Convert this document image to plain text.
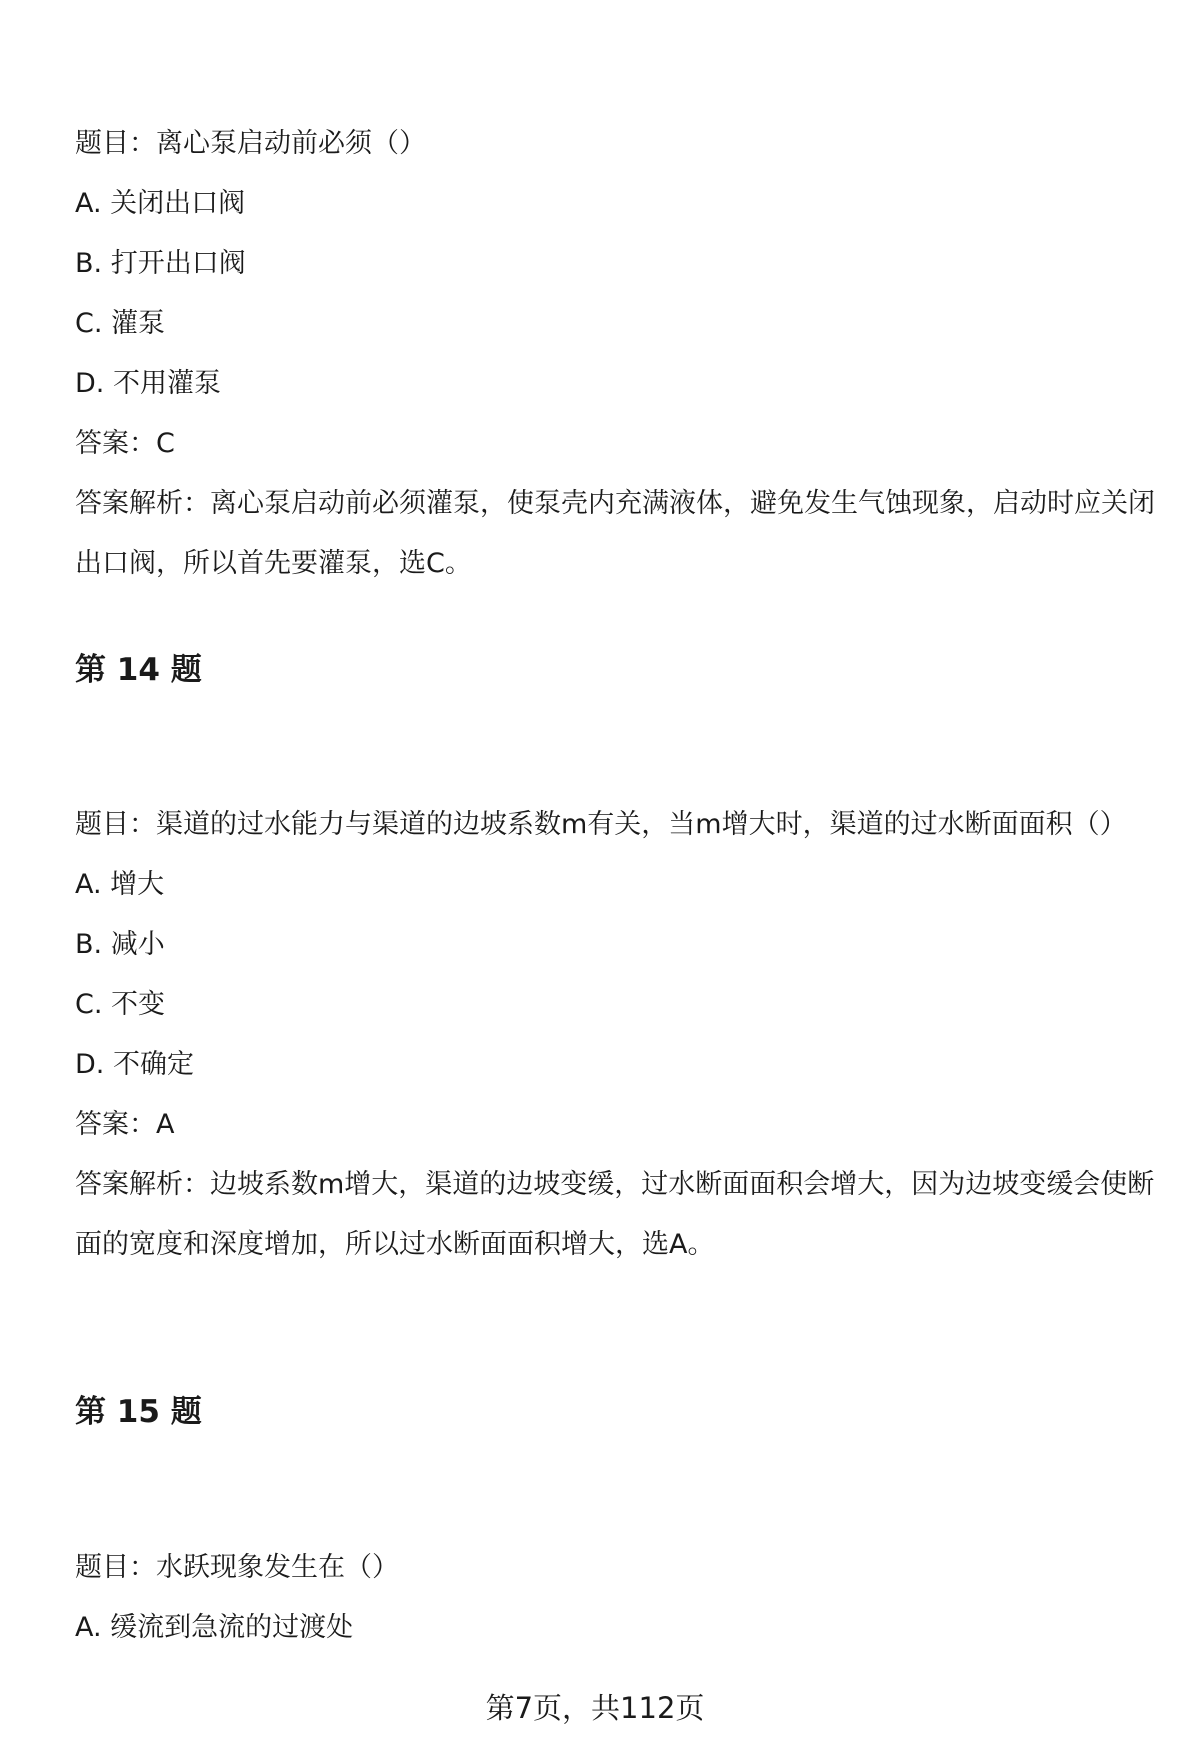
题目：离心泵启动前必须（）
A. 关闭出口阀
B. 打开出口阀
C. 灌泵
D. 不用灌泵
答案：C
答案解析：离心泵启动前必须灌泵，使泵壳内充满液体，避免发生气蚀现象，启动时应关闭出口阀，所以首先要灌泵，选C。
第 14 题
题目：渠道的过水能力与渠道的边坡系数m有关，当m增大时，渠道的过水断面面积（）
A. 增大
B. 减小
C. 不变
D. 不确定
答案：A
答案解析：边坡系数m增大，渠道的边坡变缓，过水断面面积会增大，因为边坡变缓会使断面的宽度和深度增加，所以过水断面面积增大，选A。
第 15 题
题目：水跃现象发生在（）
A. 缓流到急流的过渡处
第7页，共112页
